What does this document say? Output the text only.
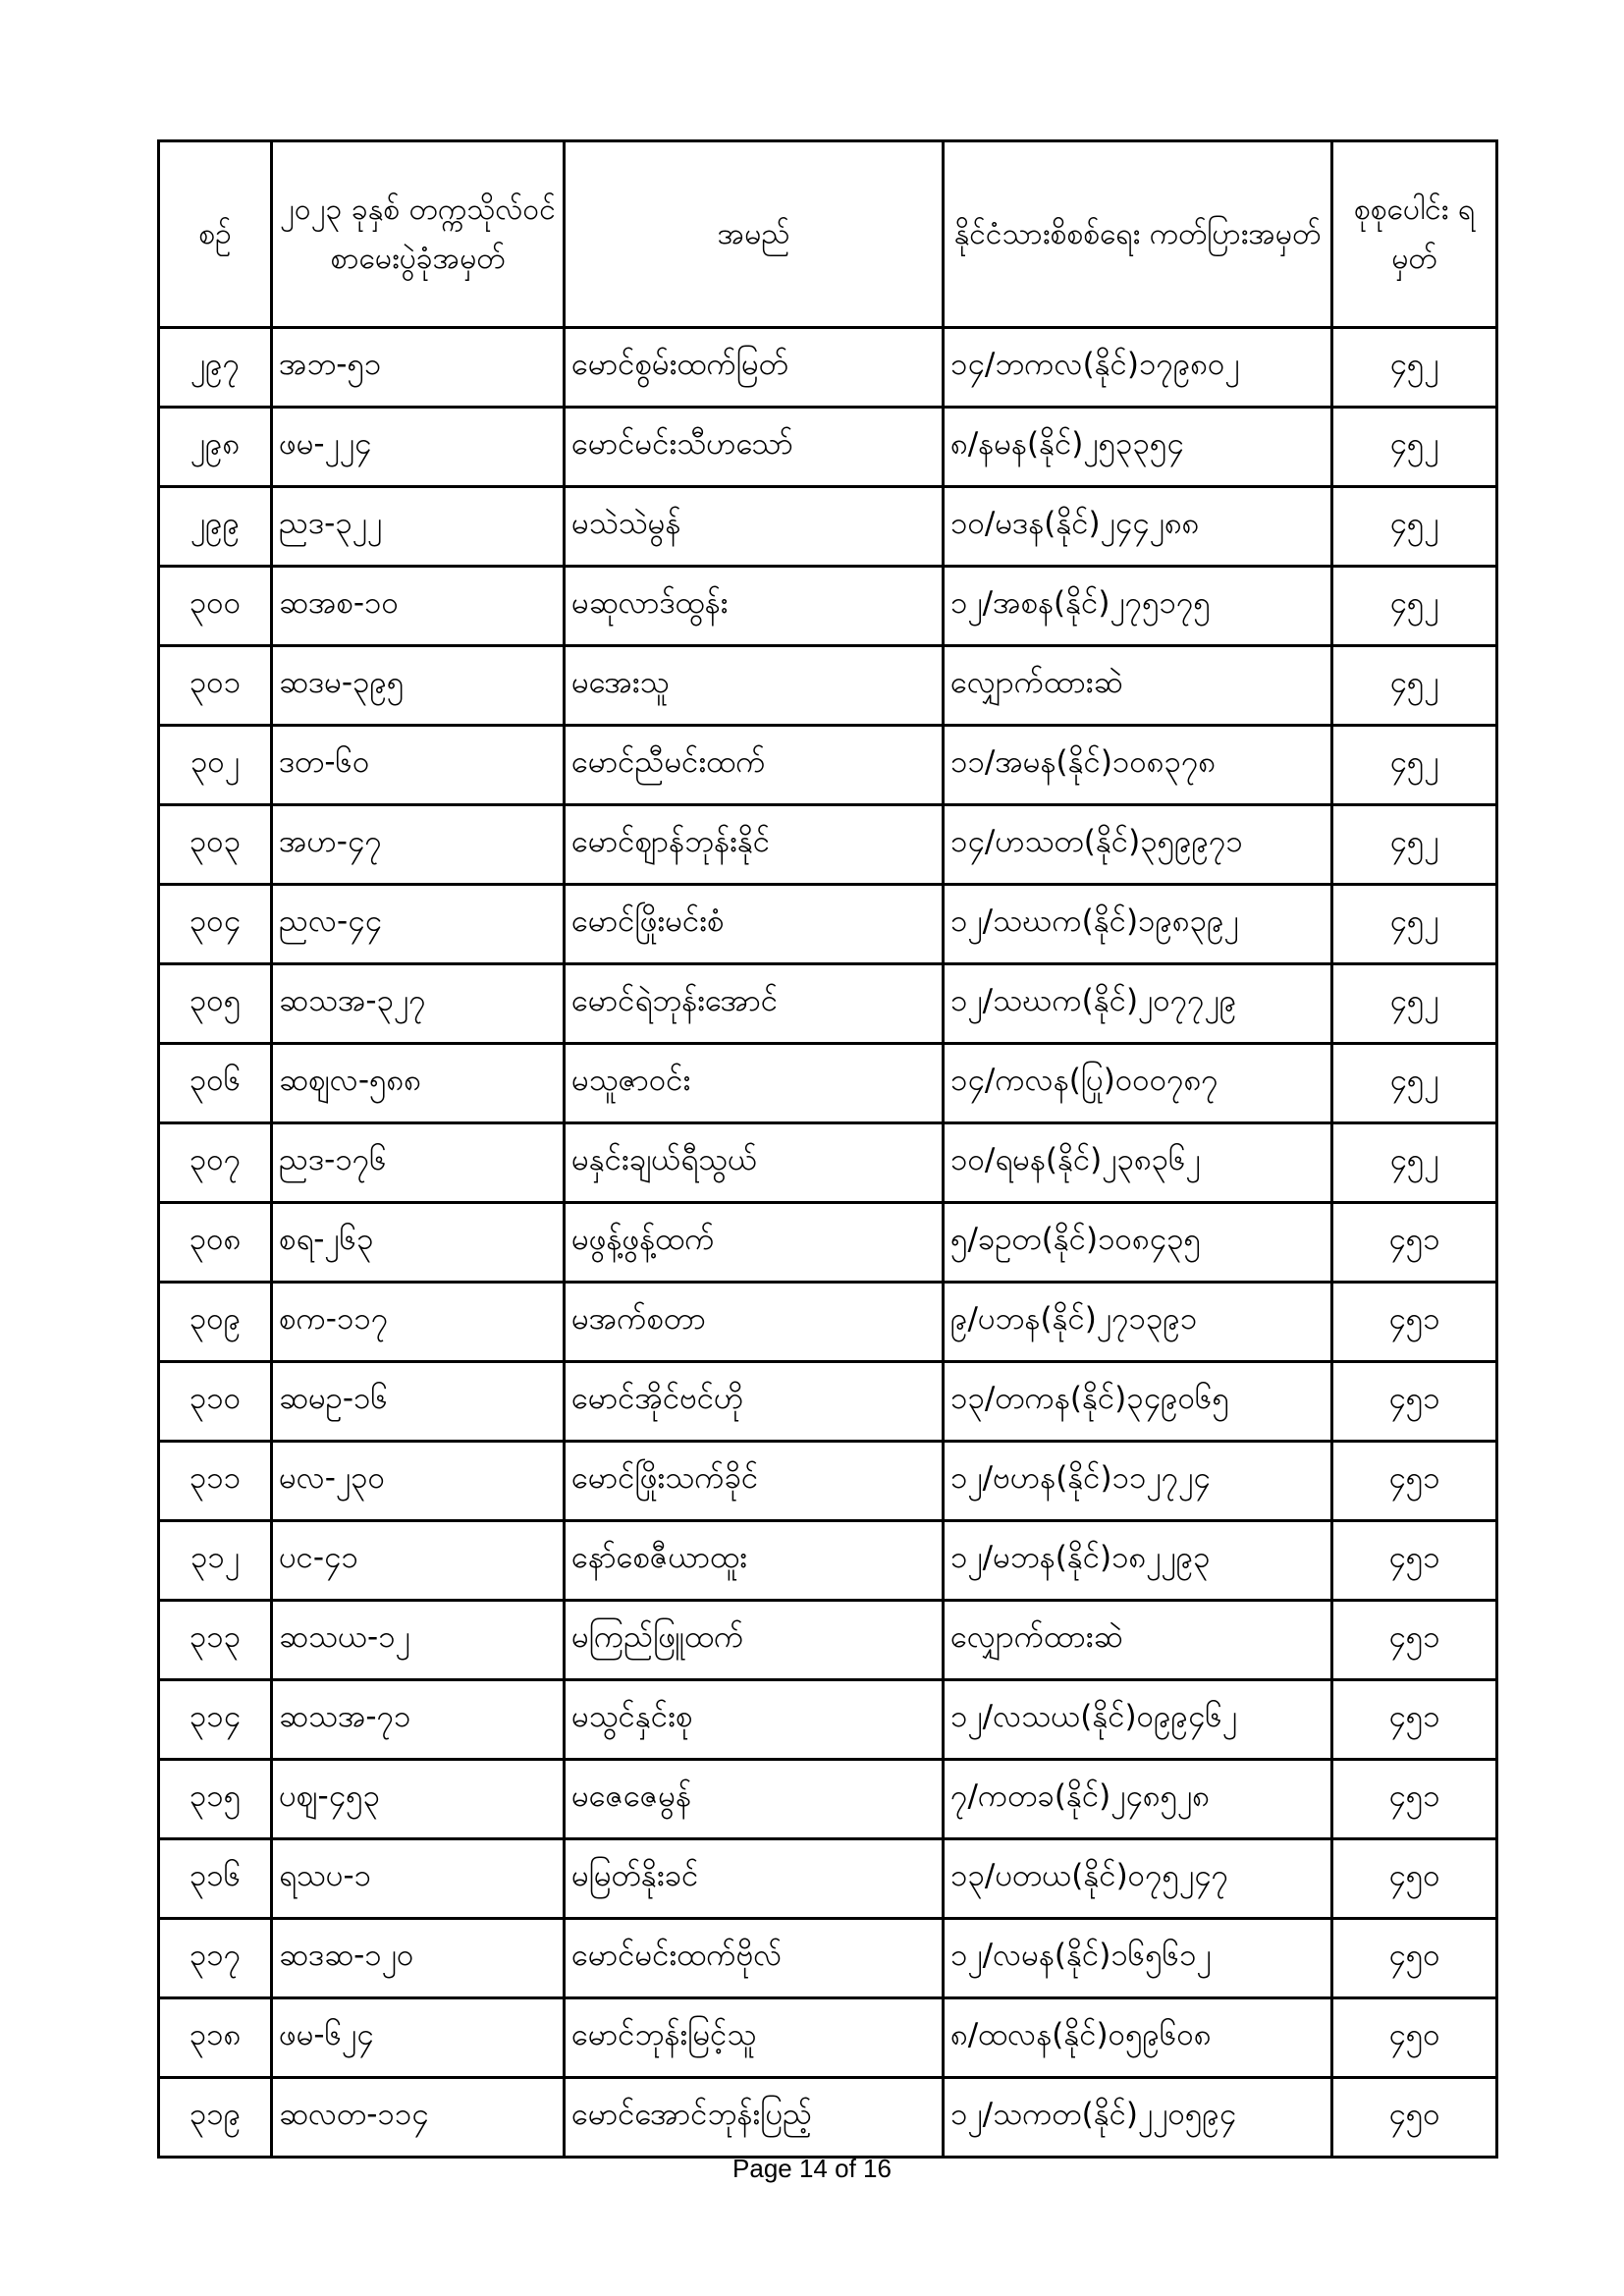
စဉ်	၂၀၂၃ ခုနှစ် တက္ကသိုလ်ဝင် စာမေးပွဲခုံအမှတ်	အမည်	နိုင်ငံသားစိစစ်ရေး ကတ်ပြားအမှတ်	စုစုပေါင်း ရမှတ်
၂၉၇	အဘ-၅၁	မောင်စွမ်းထက်မြတ်	၁၄/ဘကလ(နိုင်)၁၇၉၈၀၂	၄၅၂
၂၉၈	ဖမ-၂၂၄	မောင်မင်းသီဟသော်	၈/နမန(နိုင်)၂၅၃၃၅၄	၄၅၂
၂၉၉	ညဒ-၃၂၂	မသဲသဲမွန်	၁၀/မဒန(နိုင်)၂၄၄၂၈၈	၄၅၂
၃၀၀	ဆအစ-၁၀	မဆုလာဒ်ထွန်း	၁၂/အစန(နိုင်)၂၇၅၁၇၅	၄၅၂
၃၀၁	ဆဒမ-၃၉၅	မအေးသူ	လျှောက်ထားဆဲ	၄၅၂
၃၀၂	ဒတ-၆၀	မောင်ညီမင်းထက်	၁၁/အမန(နိုင်)၁၀၈၃၇၈	၄၅၂
၃၀၃	အဟ-၄၇	မောင်ဈာန်ဘုန်းနိုင်	၁၄/ဟသတ(နိုင်)၃၅၉၉၇၁	၄၅၂
၃၀၄	ညလ-၄၄	မောင်ဖြိုးမင်းစံ	၁၂/သဃက(နိုင်)၁၉၈၃၉၂	၄၅၂
၃၀၅	ဆသအ-၃၂၇	မောင်ရဲဘုန်းအောင်	၁၂/သဃက(နိုင်)၂၀၇၇၂၉	၄၅၂
၃၀၆	ဆဈလ-၅၈၈	မသူဇာဝင်း	၁၄/ကလန(ပြု)၀၀၀၇၈၇	၄၅၂
၃၀၇	ညဒ-၁၇၆	မနှင်းချယ်ရီသွယ်	၁၀/ရမန(နိုင်)၂၃၈၃၆၂	၄၅၂
၃၀၈	စရ-၂၆၃	မဖွန့်ဖွန့်ထက်	၅/ခဥတ(နိုင်)၁၀၈၄၃၅	၄၅၁
၃၀၉	စက-၁၁၇	မအက်စတာ	၉/ပဘန(နိုင်)၂၇၁၃၉၁	၄၅၁
၃၁၀	ဆမဥ-၁၆	မောင်အိုင်ဗင်ဟို	၁၃/တကန(နိုင်)၃၄၉၀၆၅	၄၅၁
၃၁၁	မလ-၂၃၀	မောင်ဖြိုးသက်ခိုင်	၁၂/ဗဟန(နိုင်)၁၁၂၇၂၄	၄၅၁
၃၁၂	ပင-၄၁	နော်စေဇီယာထူး	၁၂/မဘန(နိုင်)၁၈၂၂၉၃	၄၅၁
၃၁၃	ဆသယ-၁၂	မကြည်ဖြူထက်	လျှောက်ထားဆဲ	၄၅၁
၃၁၄	ဆသအ-၇၁	မသွင်နှင်းစု	၁၂/လသယ(နိုင်)၀၉၉၄၆၂	၄၅၁
၃၁၅	ပဈ-၄၅၃	မဇေဇေမွန်	၇/ကတခ(နိုင်)၂၄၈၅၂၈	၄၅၁
၃၁၆	ရသပ-၁	မမြတ်နိုးခင်	၁၃/ပတယ(နိုင်)၀၇၅၂၄၇	၄၅၀
၃၁၇	ဆဒဆ-၁၂၀	မောင်မင်းထက်ဗိုလ်	၁၂/လမန(နိုင်)၁၆၅၆၁၂	၄၅၀
၃၁၈	ဖမ-၆၂၄	မောင်ဘုန်းမြင့်သူ	၈/ထလန(နိုင်)၀၅၉၆၀၈	၄၅၀
၃၁၉	ဆလတ-၁၁၄	မောင်အောင်ဘုန်းပြည့်	၁၂/သကတ(နိုင်)၂၂၀၅၉၄	၄၅၀
Page 14 of 16
